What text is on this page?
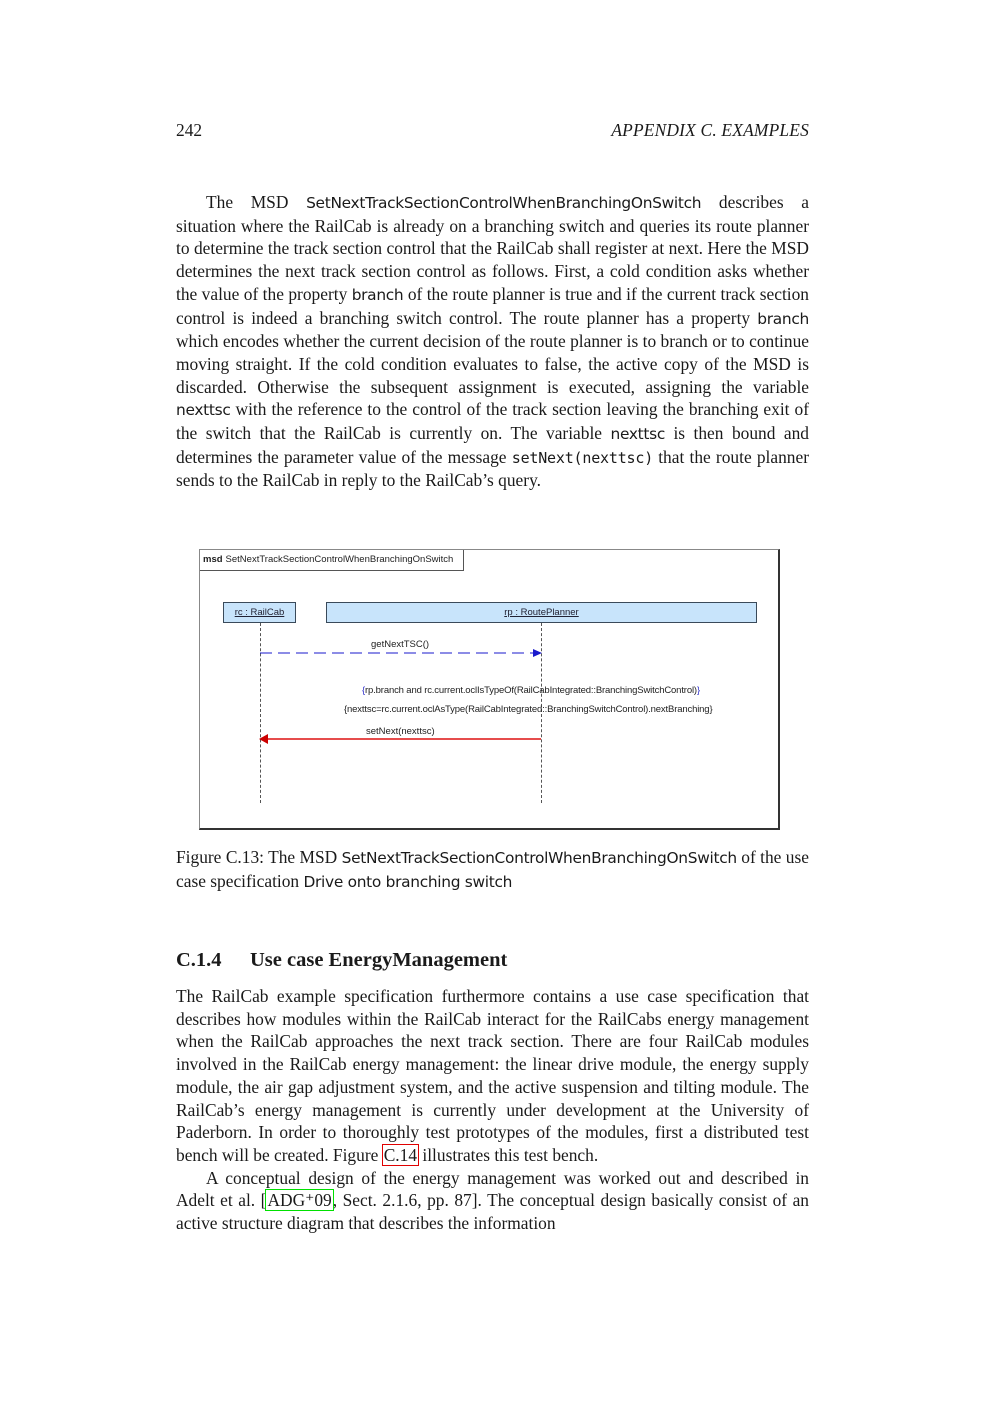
242	APPENDIX C. EXAMPLES

The MSD SetNextTrackSectionControlWhenBranchingOnSwitch describes a situation where the RailCab is already on a branching switch and queries its route planner to determine the track section control that the RailCab shall register at next. Here the MSD determines the next track section control as follows. First, a cold condition asks whether the value of the property branch of the route planner is true and if the current track section control is indeed a branching switch control. The route planner has a property branch which encodes whether the current decision of the route planner is to branch or to continue moving straight. If the cold condition evaluates to false, the active copy of the MSD is discarded. Otherwise the subsequent assignment is executed, assigning the variable nexttsc with the reference to the control of the track section leaving the branching exit of the switch that the RailCab is currently on. The variable nexttsc is then bound and determines the parameter value of the message setNext(nexttsc) that the route planner sends to the RailCab in reply to the RailCab’s query.

msd SetNextTrackSectionControlWhenBranchingOnSwitch
rc : RailCab	rp : RoutePlanner
getNextTSC()
{rp.branch and rc.current.oclIsTypeOf(RailCabIntegrated::BranchingSwitchControl)}
{nexttsc=rc.current.oclAsType(RailCabIntegrated::BranchingSwitchControl).nextBranching}
setNext(nexttsc)
Figure C.13: The MSD SetNextTrackSectionControlWhenBranchingOnSwitch of the use case specification Drive onto branching switch
C.1.4 Use case EnergyManagement

The RailCab example specification furthermore contains a use case specification that describes how modules within the RailCab interact for the RailCabs energy management when the RailCab approaches the next track section. There are four RailCab modules involved in the RailCab energy management: the linear drive module, the energy supply module, the air gap adjustment system, and the active suspension and tilting module. The RailCab’s energy management is currently under development at the University of Paderborn. In order to thoroughly test prototypes of the modules, first a distributed test bench will be created. Figure C.14 illustrates this test bench.

A conceptual design of the energy management was worked out and described in Adelt et al. [ADG⁺09, Sect. 2.1.6, pp. 87]. The conceptual design basically consist of an active structure diagram that describes the information
